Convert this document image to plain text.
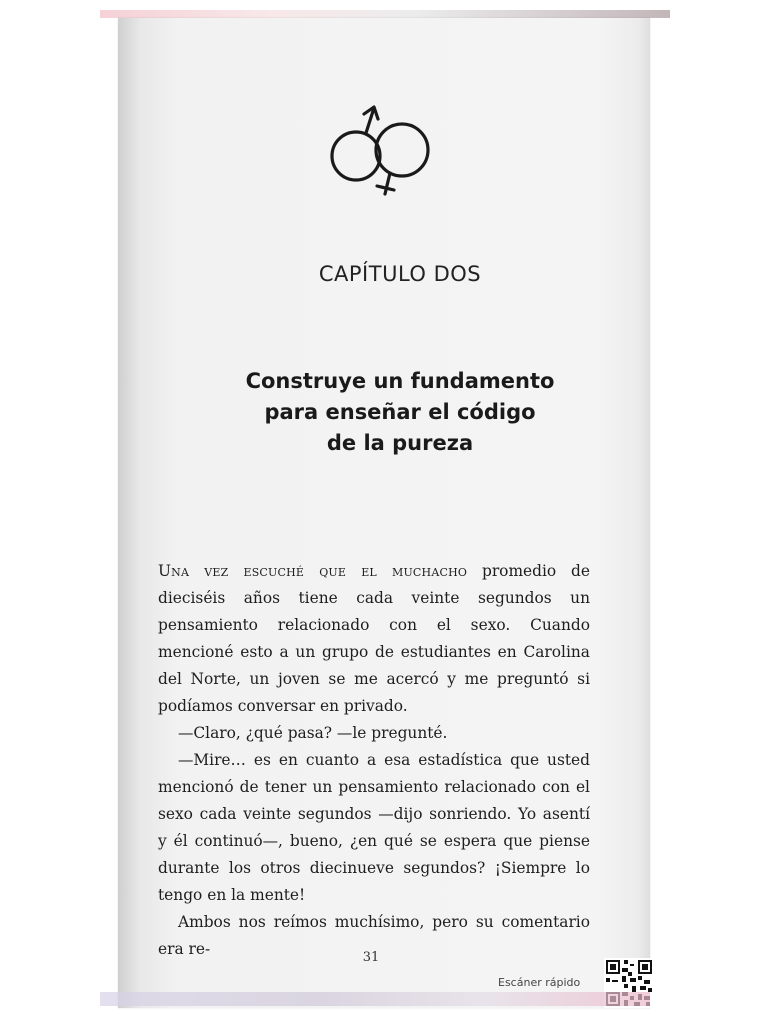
CAPÍTULO DOS
Construye un fundamento
para enseñar el código
de la pureza

Una vez escuché que el muchacho promedio de dieciséis años tiene cada veinte segundos un pensamiento relacionado con el sexo. Cuando mencioné esto a un grupo de estudiantes en Carolina del Norte, un joven se me acercó y me preguntó si podíamos conversar en privado.

—Claro, ¿qué pasa? —le pregunté.

—Mire… es en cuanto a esa estadística que usted mencionó de tener un pensamiento relacionado con el sexo cada veinte segundos —dijo sonriendo. Yo asentí y él continuó—, bueno, ¿en qué se espera que piense durante los otros diecinueve segundos? ¡Siempre lo tengo en la mente!

Ambos nos reímos muchísimo, pero su comentario era re-	31
Escáner rápido
